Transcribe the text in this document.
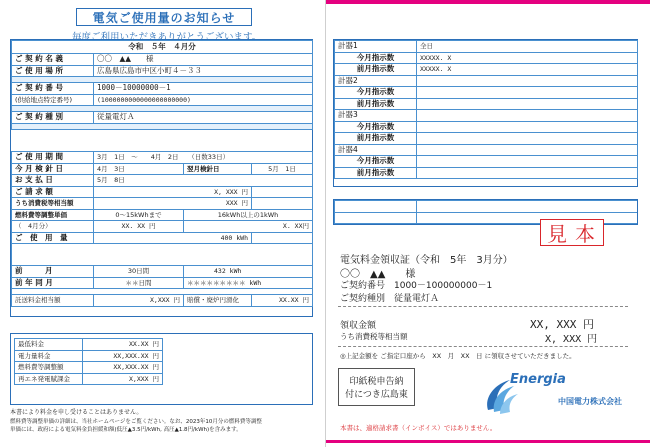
電気ご使用量のお知らせ
毎度ご利用いただきありがとうございます。
令和　５年　４月分	
ご 契 約 名 義	〇〇　▲▲　　様
ご 使 用 場 所	広島県広島市中区小町４－３３

ご 契 約 番 号	1000－10000000－1
(供給地点特定番号)	(1000000000000000000000)

ご 契 約 種 別	従量電灯Ａ

ご 使 用 期 間	3月　1日　～　　4月　2日　　（日数33日）		
今 月 検 針 日	4月　3日	翌月検針日	5月　1日
お 支 払 日	5月　8日		
ご 請 求 額	X, XXX 円		
うち消費税等相当額	XXX 円		
燃料費等調整単価	0～15kWhまで	16kWh以上の1kWh	
（　4月分）	XX. XX 円	X. XX円	
ご　使　用　量	400 kWh		

前　　　月	30日間	432 kWh	
前 年 同 月	＊＊日間	＊＊＊＊＊＊＊＊＊ kWh	

託送料金相当額	X,XXX 円	賠償・廃炉円滑化	XX.XX 円
最低料金	XX.XX 円
電力量料金	XX,XXX.XX 円
燃料費等調整額	XX,XXX.XX 円
再エネ発電賦課金	X,XXX 円
本書により料金を申し受けることはありません。
燃料費等調整単価の詳細は、当社ホームページをご覧ください。なお、2023年10月分の燃料費等調整
単価には、政府による電気料金負担緩和額(低圧▲3.5円/kWh, 高圧▲1.8円/kWh)を含みます。
計器1	全日
今月指示数	XXXXX. X
前月指示数	XXXXX. X
計器2	
今月指示数	
前月指示数	
計器3	
今月指示数	
前月指示数	
計器4	
今月指示数	
前月指示数	

見本
電気料金領収証（令和　5年　3月分）
〇〇　▲▲　　様
ご契約番号　1000－100000000－1
ご契約種別　従量電灯Ａ
領収金額	XX, XXX 円
うち消費税等相当額	X, XXX 円
◎上記金額を ご指定口座から　XX　月　XX　日 に領収させていただきました。
印紙税申告納
付につき広島東
Energia
中国電力株式会社
本書は、適格請求書（インボイス）ではありません。
